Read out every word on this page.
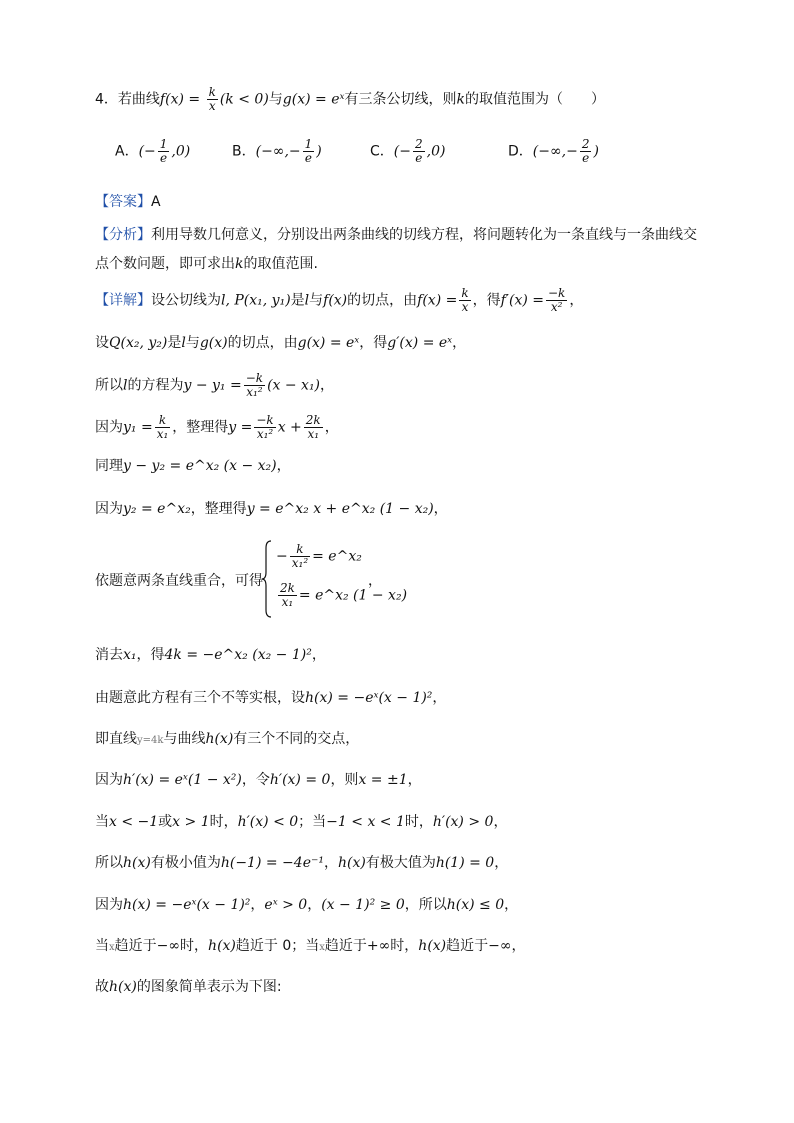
4．若曲线$f(x) = \frac{k}{x} (k < 0)$与g(x) = eˣ有三条公切线，则k的取值范围为（　　）
A．(− $\frac{1}{e} ,0$)	B．(−∞,− $\frac{1}{e}$ )	C．(− $\frac{2}{e} ,0$)	D．(−∞,− $\frac{2}{e}$ )
【答案】A
【分析】利用导数几何意义，分别设出两条曲线的切线方程，将问题转化为一条直线与一条曲线交
点个数问题，即可求出k的取值范围.
【详解】设公切线为l, P(x₁, y₁)是l与f(x)的切点，由$f(x) = \frac{k}{x}$ ，得$f'(x) = \frac{-k}{\text{x²}}$ ，
设Q(x₂, y₂)是l与g(x)的切点，由g(x) = eˣ，得g′(x) = eˣ，
所以l的方程为$y - y_1 = \frac{-k}{\text{x₁²}} (x - x_1)$，
因为$y_1 = \frac{k}{\text{x₁}}$ ，整理得$y = \frac{-k}{\text{x₁²}}$ $x + \frac{2k}{\text{x₁}}$ ，
同理y − y₂ = e^x₂ (x − x₂)，
因为y₂ = e^x₂，整理得y = e^x₂ x + e^x₂ (1 − x₂)，
依题意两条直线重合，可得
− $\frac{k}{\text{x₁²}}$ = e^x₂
$\frac{2k}{\text{x₁}}$ = e^x₂ (1 − x₂)
，
消去x₁，得4k = −e^x₂ (x₂ − 1)²，
由题意此方程有三个不等实根，设h(x) = −eˣ(x − 1)²，
即直线y=4k与曲线h(x)有三个不同的交点，
因为h′(x) = eˣ(1 − x²)，令h′(x) = 0，则x = ±1，
当x < −1或x > 1时，h′(x) < 0；当−1 < x < 1时，h′(x) > 0，
所以h(x)有极小值为h(−1) = −4e⁻¹，h(x)有极大值为h(1) = 0，
因为h(x) = −eˣ(x − 1)²，eˣ > 0，(x − 1)² ≥ 0，所以h(x) ≤ 0，
当x趋近于−∞时，h(x)趋近于 0；当x趋近于+∞时，h(x)趋近于−∞，
故h(x)的图象简单表示为下图:
